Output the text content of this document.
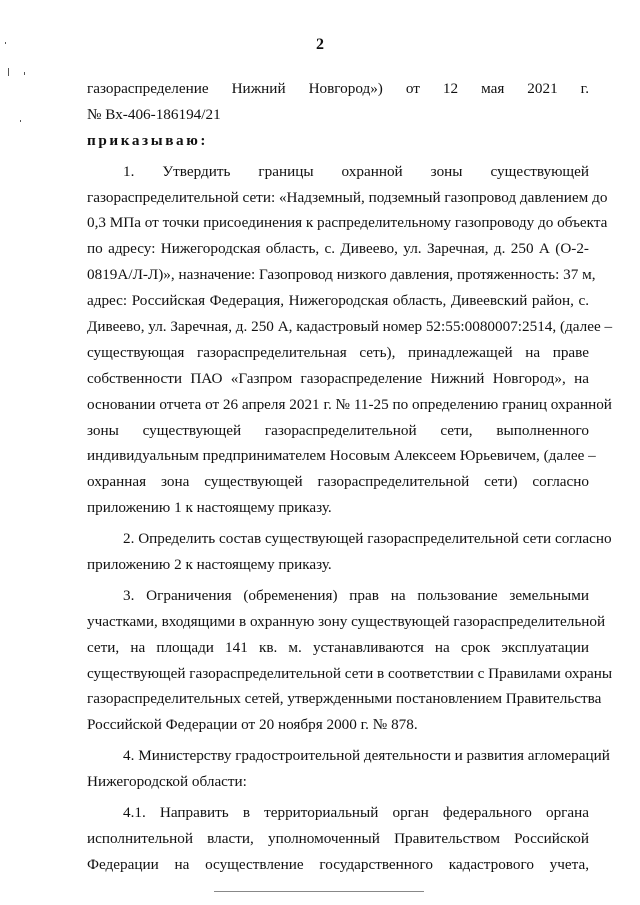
2
газораспределение Нижний Новгород») от 12 мая 2021 г.
№ Вх-406-186194/21
приказываю:
1. Утвердить границы охранной зоны существующей
газораспределительной сети: «Надземный, подземный газопровод давлением до
0,3 МПа от точки присоединения к распределительному газопроводу до объекта
по адресу: Нижегородская область, с. Дивеево, ул. Заречная, д. 250 А (О-2-
0819А/Л-Л)», назначение: Газопровод низкого давления, протяженность: 37 м,
адрес: Российская Федерация, Нижегородская область, Дивеевский район, с.
Дивеево, ул. Заречная, д. 250 А, кадастровый номер 52:55:0080007:2514, (далее –
существующая газораспределительная сеть), принадлежащей на праве
собственности ПАО «Газпром газораспределение Нижний Новгород», на
основании отчета от 26 апреля 2021 г. № 11-25 по определению границ охранной
зоны существующей газораспределительной сети, выполненного
индивидуальным предпринимателем Носовым Алексеем Юрьевичем, (далее –
охранная зона существующей газораспределительной сети) согласно
приложению 1 к настоящему приказу.
2. Определить состав существующей газораспределительной сети согласно
приложению 2 к настоящему приказу.
3. Ограничения (обременения) прав на пользование земельными
участками, входящими в охранную зону существующей газораспределительной
сети, на площади 141 кв. м. устанавливаются на срок эксплуатации
существующей газораспределительной сети в соответствии с Правилами охраны
газораспределительных сетей, утвержденными постановлением Правительства
Российской Федерации от 20 ноября 2000 г. № 878.
4. Министерству градостроительной деятельности и развития агломераций
Нижегородской области:
4.1. Направить в территориальный орган федерального органа
исполнительной власти, уполномоченный Правительством Российской
Федерации на осуществление государственного кадастрового учета,
